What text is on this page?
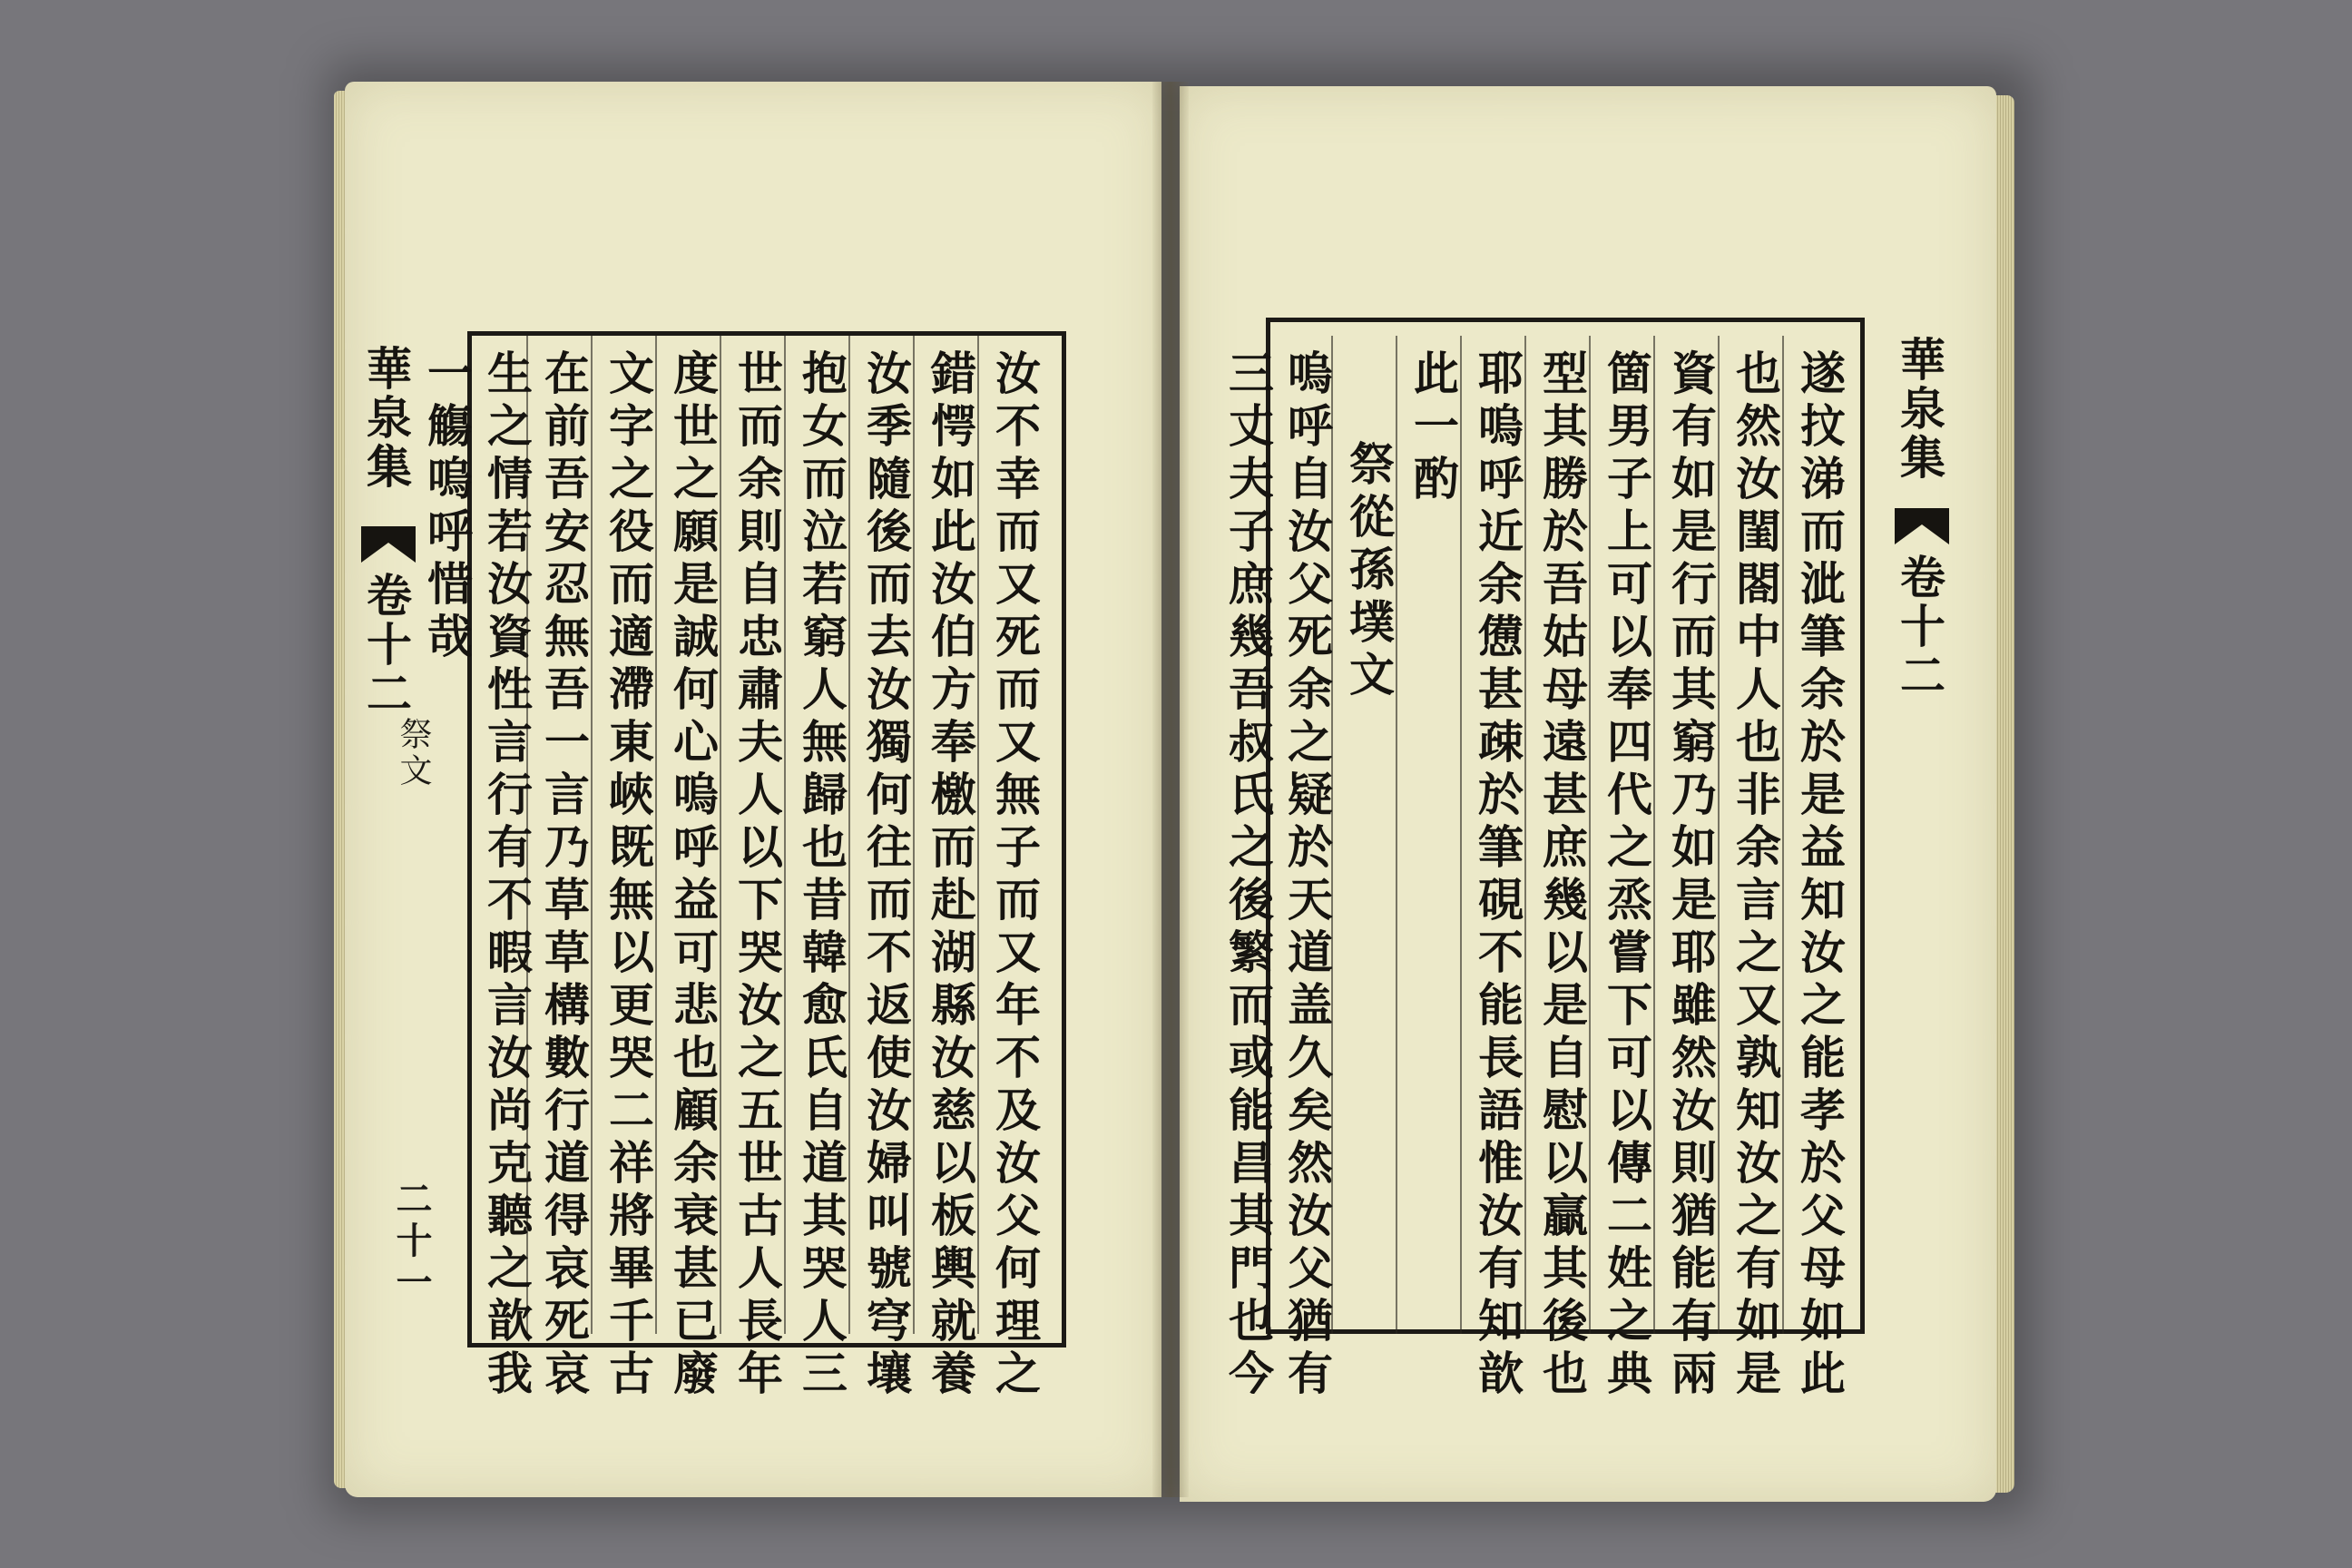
華泉集
卷十二
祭文
二十一	汝不幸而又死而又無子而又年不及汝父何理之
錯愕如此汝伯方奉檄而赴湖縣汝慈以板輿就養
汝季隨後而去汝獨何往而不返使汝婦叫號穹壤
抱女而泣若窮人無歸也昔韓愈氏自道其哭人三
世而余則自忠肅夫人以下哭汝之五世古人長年
度世之願是誠何心嗚呼益可悲也顧余衰甚已廢
文字之役而適滯東峽既無以更哭二祥將畢千古
在前吾安忍無吾一言乃草草構數行道得哀死哀
生之情若汝資性言行有不暇言汝尚克聽之歆我
一觴嗚呼惜哉	華泉集
卷十二
遂抆涕而泚筆余於是益知汝之能孝於父母如此
也然汝閨閤中人也非余言之又孰知汝之有如是
資有如是行而其窮乃如是耶雖然汝則猶能有兩
箇男子上可以奉四代之烝嘗下可以傳二姓之典
型其勝於吾姑母遠甚庶幾以是自慰以贏其後也
耶嗚呼近余憊甚疎於筆硯不能長語惟汝有知歆
此一酌
祭從孫墣文
嗚呼自汝父死余之疑於天道盖久矣然汝父猶有
三丈夫子庶幾吾叔氏之後繁而或能昌其門也今
